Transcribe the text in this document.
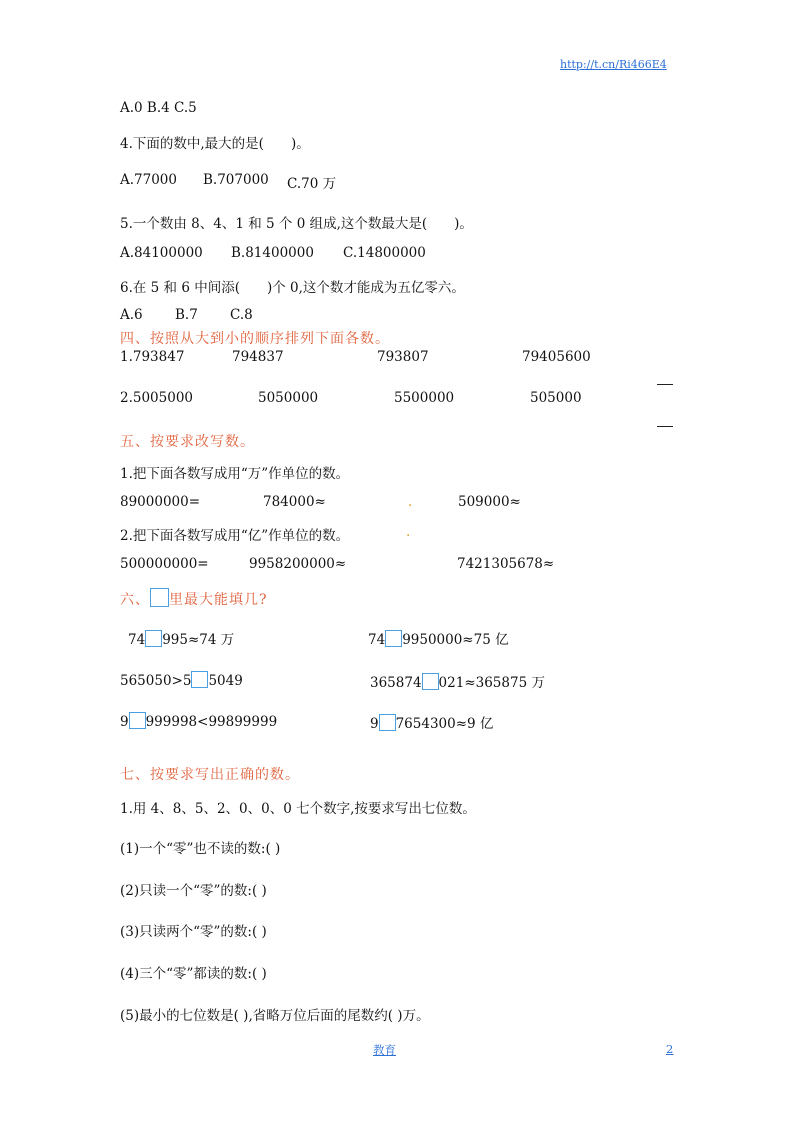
http://t.cn/Ri466E4
A.0 B.4 C.5
4.下面的数中,最大的是(　　)。
A.77000 B.707000 C.70 万
5.一个数由 8、4、1 和 5 个 0 组成,这个数最大是(　　)。
A.84100000 B.81400000 C.14800000
6.在 5 和 6 中间添(　　)个 0,这个数才能成为五亿零六。
A.6 B.7 C.8
四、按照从大到小的顺序排列下面各数。
1.793847	794837	793807	79405600
2.5005000	5050000	5500000	505000
五、按要求改写数。
1.把下面各数写成用“万”作单位的数。
89000000=	784000≈	.	509000≈
2.把下面各数写成用“亿”作单位的数。	.
500000000=	9958200000≈	7421305678≈
六、 里最大能填几?
74 995≈74 万	74 9950000≈75 亿
565050>5 5049	365874 021≈365875 万
9 999998<99899999	9 7654300≈9 亿
七、按要求写出正确的数。
1.用 4、8、5、2、0、0、0 七个数字,按要求写出七位数。
(1)一个“零”也不读的数:( )
(2)只读一个“零”的数:( )
(3)只读两个“零”的数:( )
(4)三个“零”都读的数:( )
(5)最小的七位数是( ),省略万位后面的尾数约( )万。
教育	2
